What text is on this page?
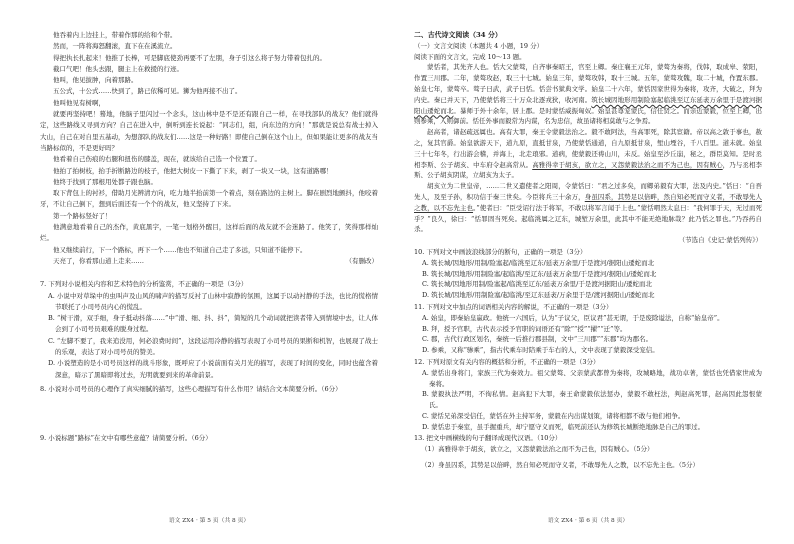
他吞着内上边挂上，带着作那的给和个带。

然而，一阵将海怒翻滚，直下在在溪流立。

得把执长扎起来！他推了长棒，可是脚底使劲再要不了左朋，身子引这么将子努力带着包扎的。

截口气吧！他头去跟，腿主上在救援的行迹。

他叫，他见拔肿，向着那路。

五公式，十公式……快到了，路已依稀可见。狮为他再接不出了。

他叫他见有树啊，

就要再坚持吧！蓦地，他脑子里闪过一个念头，这山林中是不是还有跟自己一样，在寻找部队的战友？他们就得定，这些路线又寻到方向？自己在进入中，倒听到连长说起：“同志们，组，向东边的方向！”那就是说总有战士掉入大山，自己在对自里五基动，为想部队的战友们……这是一种好路！即使自己倒在这个山上，但如果能让更多的战友当当路标似的，不是更好吗？

他看着自己伤痕的右腿和扭伤的膝盖，现在，就该给自己选一个位置了。

他拍了拍树枝，抬手折断路边的枝子，他把大树皮一下撕了下来，剥了一块又一块，这有道路哪！

他终于找到了那根用处都子跟也脑。

取下背包上的衬衫，借助月光辨清方向，吃力地半抬前第一个着点，刻在路边的主树上。脚在剧烈地颤抖，他咬着牙，不让自己倒下，想到后面还有一个个的战友，他又坚持了下来。

第一个路标竖好了！

他满意地看着自己的杰作，黄底黑字，一笔一划格外醒目，这样后面的战友就不会迷路了。他笑了，笑得那样灿烂。

他又继续前行，下一个路标，再下一个……他也不知道自己走了多远，只知道不能停下。

天亮了，你看那山道上走来……	（有删改）

7. 下列对小说相关内容和艺术特色的分析鉴赏，不正确的一项是（3分）

A. 小说中对草垛中的虫叫声及山风的啸声的描写反衬了山林中寂静的氛围，这属于以动衬静的手法，也比的慌格情节联托了小司号员内心的慌乱。

B. “树干滑，双手细，身子抵动抖落……”中“滑、细、抖、抖”，简短的几个动词就把读者带入到情境中去，让人体会到了小司号员艰难的脱身过程。

C. “左脚不要了，我来追没用，何必浪费时间”，这段运用冷静的描写表现了小司号员的果断和机智，也展现了战士的乐观，表达了对小司号员的赞美。

D. 小说塑造的是小司号员这样的战斗形象，既呼应了小说前面有关月光的描写，表现了时间的变化，同时也蕴含着深意，暗示了黑暗即将过去，光明就要到来的革命前景。

8. 小说对小司号员的心理作了真实细腻的描写，这些心理描写有什么作用？请结合文本简要分析。（6分）

9. 小说标题“路标”在文中有哪些意蕴？请简要分析。（6分）

语文 ZX4 · 第 5 页（共 8 页）

二、古代诗文阅读（34 分）

（一）文言文阅读（本题共 4 小题，19 分）

阅读下面的文言文，完成 10～13 题。

蒙恬者，其先齐人也。恬大父蒙骜，自齐事秦昭王，官至上卿。秦庄襄王元年，蒙骜为秦将，伐韩，取成皋、荥阳，作置三川郡。二年，蒙骜攻赵，取三十七城。始皇三年，蒙骜攻韩，取十三城。五年，蒙骜攻魏，取二十城，作置东郡。始皇七年，蒙骜卒。骜子曰武，武子曰恬。恬尝书狱典文学。始皇二十六年，蒙恬因家世得为秦将，攻齐，大破之，拜为内史。秦已并天下，乃使蒙恬将三十万众北逐戎狄，收河南。筑长城因地形用制险塞起临洮至辽东延袤万余里于是渡河据阳山逶蛇而北。暴师于外十余年，居上郡。是时蒙恬威振匈奴。始皇甚尊宠蒙氏，信任贤之。而亲近蒙毅，位至上卿，出则参乘，入则御前。恬任外事而毅常为内谋，名为忠信，故虽诸将相莫敢与之争焉。

赵高者，诸赵疏远属也。高有大罪，秦王令蒙毅法治之。毅不敢阿法，当高罪死，除其宦籍。帝以高之敦于事也，赦之，复其官爵。始皇欲游天下，道九原，直抵甘泉，乃使蒙恬通道，自九原抵甘泉，堑山堙谷，千八百里。道未就。始皇三十七年冬，行出游会稽，并海上，北走琅邪。道病，使蒙毅还祷山川，未反。始皇至沙丘崩，秘之，群臣莫知。是时丞相李斯、公子胡亥、中车府令赵高常从。高雅得幸于胡亥，欲立之，又怨蒙毅法治之而不为己也，因有贼心，乃与丞相李斯、公子胡亥阴谋，立胡亥为太子。

胡亥立为二世皇帝，……二世又遣使者之阳周，令蒙恬曰：“君之过多矣，而卿弟毅有大罪，法及内史。”恬曰：“自吾先人，及至子孙，积功信于秦三世矣。今臣将兵三十余万，身虽囚系，其势足以倍畔，然自知必死而守义者，不敢辱先人之教，以不忘先主也。”使者曰：“臣受诏行法于将军，不敢以将军言闻于上也。”蒙恬喟然太息曰：“我何罪于天，无过而死乎？”良久，徐曰：“恬罪固当死矣。起临洮属之辽东，城堑万余里，此其中不能无绝地脉哉？此乃恬之罪也。”乃吞药自杀。

（节选自《史记·蒙恬列传》）

10. 下列对文中画波浪线部分的断句，正确的一项是（3分）

A. 筑长城/因地形/用制/险塞起/临洮至辽东/延袤万余里/于是渡河/据阳山逶蛇而北

B. 筑长城/因地形/用制险塞/起临洮/至辽东/延袤万余里/于是渡河/据阳山/逶蛇而北

C. 筑长城/因地形用制/险塞起/临洮至辽东/延袤万余里/于是渡河据阳山/逶蛇而北

D. 筑长城/因地形/用制险塞/起临洮/至辽东延袤/万余里于是/渡河据阳山/逶蛇而北

11. 下列对文中加点的词语相关内容的解说，不正确的一项是（3分）

A. 始皇，即秦始皇嬴政。他统一六国后，认为“子议父，臣议君”甚无谓，于是废除谥法，自称“始皇帝”。

B. 拜，授予官职，古代表示授予官职的词语还有“除”“授”“擢”“迁”等。

C. 郡，古代行政区划名，秦统一后推行郡县制，文中“三川郡”“东郡”均为郡名。

D. 参乘，又称“骖乘”，指古代乘车时陪乘于车右的人，文中表现了蒙毅深受宠信。

12. 下列对原文有关内容的概括和分析，不正确的一项是（3分）

A. 蒙恬出身将门，家族三代为秦效力。祖父蒙骜、父亲蒙武都曾为秦将，攻城略地，战功卓著，蒙恬也凭借家世成为秦将。

B. 蒙毅执法严明，不徇私情。赵高犯下大罪，秦王命蒙毅依法惩办，蒙毅不敢枉法，判赵高死罪，赵高因此怨恨蒙氏。

C. 蒙恬兄弟深受信任，蒙恬在外主持军务，蒙毅在内出谋划策，诸将相都不敢与他们相争。

D. 蒙恬忠于秦室，虽手握重兵，却宁愿守义而死，临死前还认为修筑长城断绝地脉是自己的罪过。

13. 把文中画横线的句子翻译成现代汉语。（10分）

（1）高雅得幸于胡亥，欲立之，又怨蒙毅法治之而不为己也，因有贼心。（5分）

（2）身虽囚系，其势足以倍畔，然自知必死而守义者，不敢辱先人之教，以不忘先主也。（5分）

语文 ZX4 · 第 6 页（共 8 页）
